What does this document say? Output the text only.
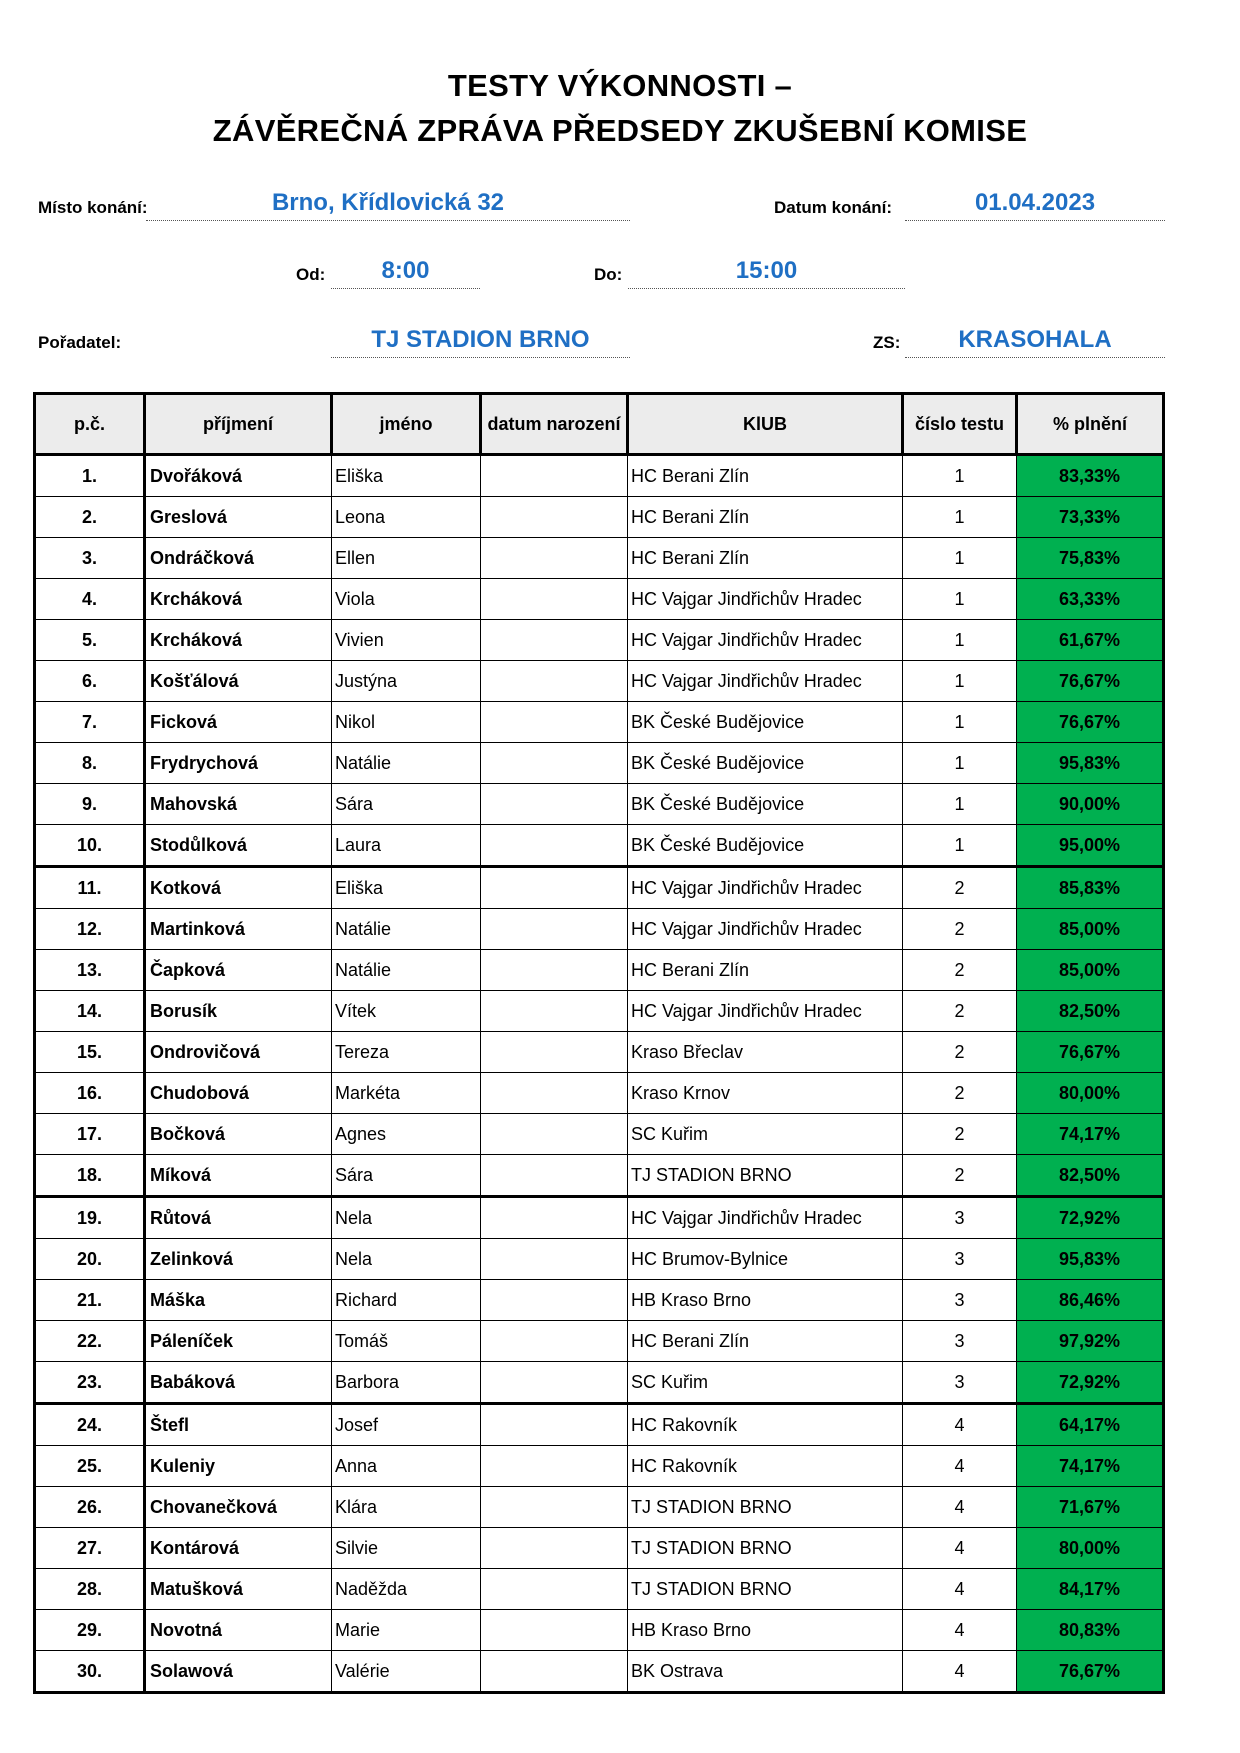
TESTY VÝKONNOSTI –
ZÁVĚREČNÁ ZPRÁVA PŘEDSEDY ZKUŠEBNÍ KOMISE
Místo konání:	Brno, Křídlovická 32	Datum konání:	01.04.2023
Od:	8:00	Do:	15:00
Pořadatel:	TJ STADION BRNO	ZS:	KRASOHALA
p.č.	příjmení	jméno	datum narození	KlUB	číslo testu	% plnění
1.	Dvořáková	Eliška		HC Berani Zlín	1	83,33%
2.	Greslová	Leona		HC Berani Zlín	1	73,33%
3.	Ondráčková	Ellen		HC Berani Zlín	1	75,83%
4.	Krcháková	Viola		HC Vajgar Jindřichův Hradec	1	63,33%
5.	Krcháková	Vivien		HC Vajgar Jindřichův Hradec	1	61,67%
6.	Košťálová	Justýna		HC Vajgar Jindřichův Hradec	1	76,67%
7.	Ficková	Nikol		BK České Budějovice	1	76,67%
8.	Frydrychová	Natálie		BK České Budějovice	1	95,83%
9.	Mahovská	Sára		BK České Budějovice	1	90,00%
10.	Stodůlková	Laura		BK České Budějovice	1	95,00%
11.	Kotková	Eliška		HC Vajgar Jindřichův Hradec	2	85,83%
12.	Martinková	Natálie		HC Vajgar Jindřichův Hradec	2	85,00%
13.	Čapková	Natálie		HC Berani Zlín	2	85,00%
14.	Borusík	Vítek		HC Vajgar Jindřichův Hradec	2	82,50%
15.	Ondrovičová	Tereza		Kraso Břeclav	2	76,67%
16.	Chudobová	Markéta		Kraso Krnov	2	80,00%
17.	Bočková	Agnes		SC Kuřim	2	74,17%
18.	Míková	Sára		TJ STADION BRNO	2	82,50%
19.	Růtová	Nela		HC Vajgar Jindřichův Hradec	3	72,92%
20.	Zelinková	Nela		HC Brumov-Bylnice	3	95,83%
21.	Máška	Richard		HB Kraso Brno	3	86,46%
22.	Páleníček	Tomáš		HC Berani Zlín	3	97,92%
23.	Babáková	Barbora		SC Kuřim	3	72,92%
24.	Štefl	Josef		HC Rakovník	4	64,17%
25.	Kuleniy	Anna		HC Rakovník	4	74,17%
26.	Chovanečková	Klára		TJ STADION BRNO	4	71,67%
27.	Kontárová	Silvie		TJ STADION BRNO	4	80,00%
28.	Matušková	Naděžda		TJ STADION BRNO	4	84,17%
29.	Novotná	Marie		HB Kraso Brno	4	80,83%
30.	Solawová	Valérie		BK Ostrava	4	76,67%
